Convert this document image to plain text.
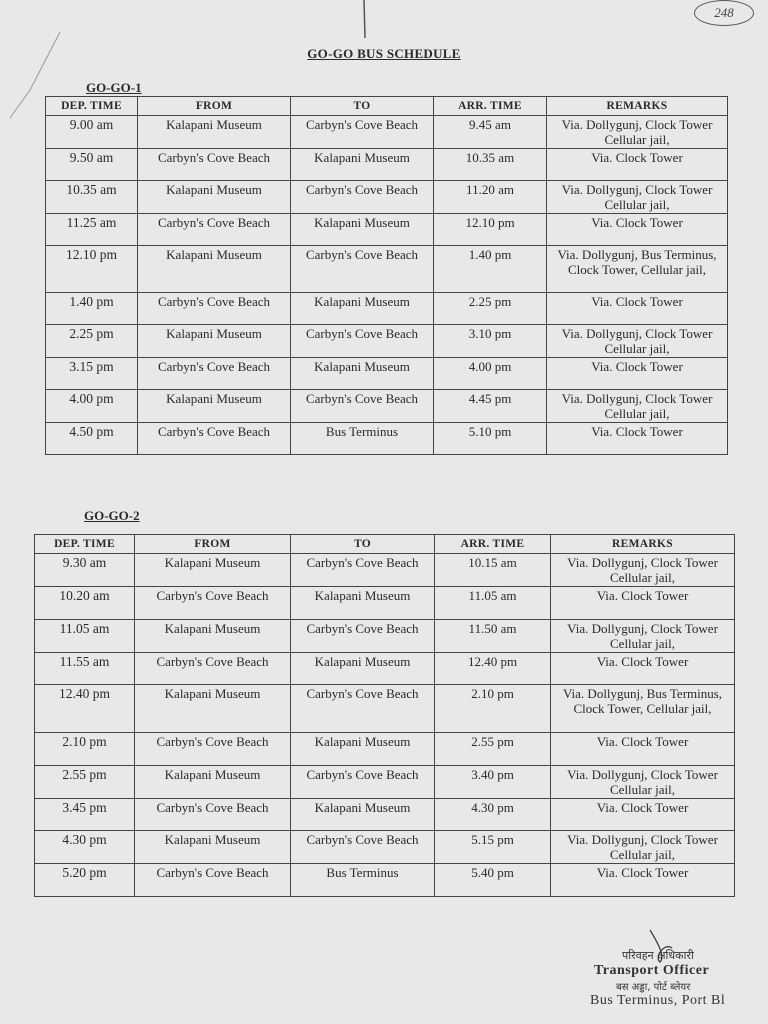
248
GO-GO BUS SCHEDULE
GO-GO-1
DEP. TIME	FROM	TO	ARR. TIME	REMARKS
9.00 am	Kalapani Museum	Carbyn's Cove Beach	9.45 am	Via. Dollygunj, Clock Tower Cellular jail,
9.50 am	Carbyn's Cove Beach	Kalapani Museum	10.35 am	Via. Clock Tower
10.35 am	Kalapani Museum	Carbyn's Cove Beach	11.20 am	Via. Dollygunj, Clock Tower Cellular jail,
11.25 am	Carbyn's Cove Beach	Kalapani Museum	12.10 pm	Via. Clock Tower
12.10 pm	Kalapani Museum	Carbyn's Cove Beach	1.40 pm	Via. Dollygunj, Bus Terminus, Clock Tower, Cellular jail,
1.40 pm	Carbyn's Cove Beach	Kalapani Museum	2.25 pm	Via. Clock Tower
2.25 pm	Kalapani Museum	Carbyn's Cove Beach	3.10 pm	Via. Dollygunj, Clock Tower Cellular jail,
3.15 pm	Carbyn's Cove Beach	Kalapani Museum	4.00 pm	Via. Clock Tower
4.00 pm	Kalapani Museum	Carbyn's Cove Beach	4.45 pm	Via. Dollygunj, Clock Tower Cellular jail,
4.50 pm	Carbyn's Cove Beach	Bus Terminus	5.10 pm	Via. Clock Tower
GO-GO-2
DEP. TIME	FROM	TO	ARR. TIME	REMARKS
9.30 am	Kalapani Museum	Carbyn's Cove Beach	10.15 am	Via. Dollygunj, Clock Tower Cellular jail,
10.20 am	Carbyn's Cove Beach	Kalapani Museum	11.05 am	Via. Clock Tower
11.05 am	Kalapani Museum	Carbyn's Cove Beach	11.50 am	Via. Dollygunj, Clock Tower Cellular jail,
11.55 am	Carbyn's Cove Beach	Kalapani Museum	12.40 pm	Via. Clock Tower
12.40 pm	Kalapani Museum	Carbyn's Cove Beach	2.10 pm	Via. Dollygunj, Bus Terminus, Clock Tower, Cellular jail,
2.10 pm	Carbyn's Cove Beach	Kalapani Museum	2.55 pm	Via. Clock Tower
2.55 pm	Kalapani Museum	Carbyn's Cove Beach	3.40 pm	Via. Dollygunj, Clock Tower Cellular jail,
3.45 pm	Carbyn's Cove Beach	Kalapani Museum	4.30 pm	Via. Clock Tower
4.30 pm	Kalapani Museum	Carbyn's Cove Beach	5.15 pm	Via. Dollygunj, Clock Tower Cellular jail,
5.20 pm	Carbyn's Cove Beach	Bus Terminus	5.40 pm	Via. Clock Tower
परिवहन अधिकारी
Transport Officer
बस अड्डा, पोर्ट ब्लेयर
Bus Terminus, Port Bl
